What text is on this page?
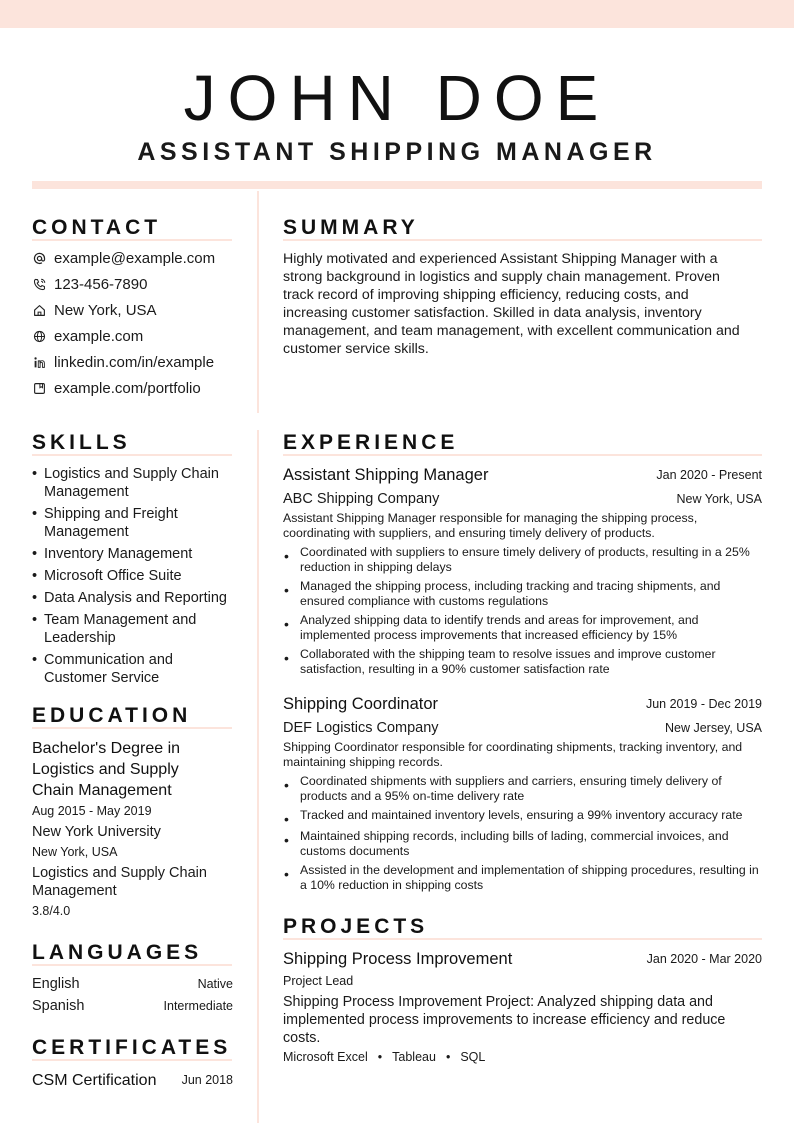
JOHN DOE
ASSISTANT SHIPPING MANAGER
CONTACT
example@example.com
123-456-7890
New York, USA
example.com
linkedin.com/in/example
example.com/portfolio
SUMMARY
Highly motivated and experienced Assistant Shipping Manager with a strong background in logistics and supply chain management. Proven track record of improving shipping efficiency, reducing costs, and increasing customer satisfaction. Skilled in data analysis, inventory management, and team management, with excellent communication and customer service skills.
SKILLS
• Logistics and Supply Chain Management
• Shipping and Freight Management
• Inventory Management
• Microsoft Office Suite
• Data Analysis and Reporting
• Team Management and Leadership
• Communication and Customer Service
EDUCATION
Bachelor's Degree in Logistics and Supply Chain Management
Aug 2015 - May 2019
New York University
New York, USA
Logistics and Supply Chain Management
3.8/4.0
LANGUAGES
English	Native
Spanish	Intermediate
CERTIFICATES
CSM Certification	Jun 2018
EXPERIENCE
Assistant Shipping Manager	Jan 2020 - Present
ABC Shipping Company	New York, USA
Assistant Shipping Manager responsible for managing the shipping process, coordinating with suppliers, and ensuring timely delivery of products.
• Coordinated with suppliers to ensure timely delivery of products, resulting in a 25% reduction in shipping delays
• Managed the shipping process, including tracking and tracing shipments, and ensured compliance with customs regulations
• Analyzed shipping data to identify trends and areas for improvement, and implemented process improvements that increased efficiency by 15%
• Collaborated with the shipping team to resolve issues and improve customer satisfaction, resulting in a 90% customer satisfaction rate
Shipping Coordinator	Jun 2019 - Dec 2019
DEF Logistics Company	New Jersey, USA
Shipping Coordinator responsible for coordinating shipments, tracking inventory, and maintaining shipping records.
• Coordinated shipments with suppliers and carriers, ensuring timely delivery of products and a 95% on-time delivery rate
• Tracked and maintained inventory levels, ensuring a 99% inventory accuracy rate
• Maintained shipping records, including bills of lading, commercial invoices, and customs documents
• Assisted in the development and implementation of shipping procedures, resulting in a 10% reduction in shipping costs
PROJECTS
Shipping Process Improvement	Jan 2020 - Mar 2020
Project Lead
Shipping Process Improvement Project: Analyzed shipping data and implemented process improvements to increase efficiency and reduce costs.
Microsoft Excel • Tableau • SQL
